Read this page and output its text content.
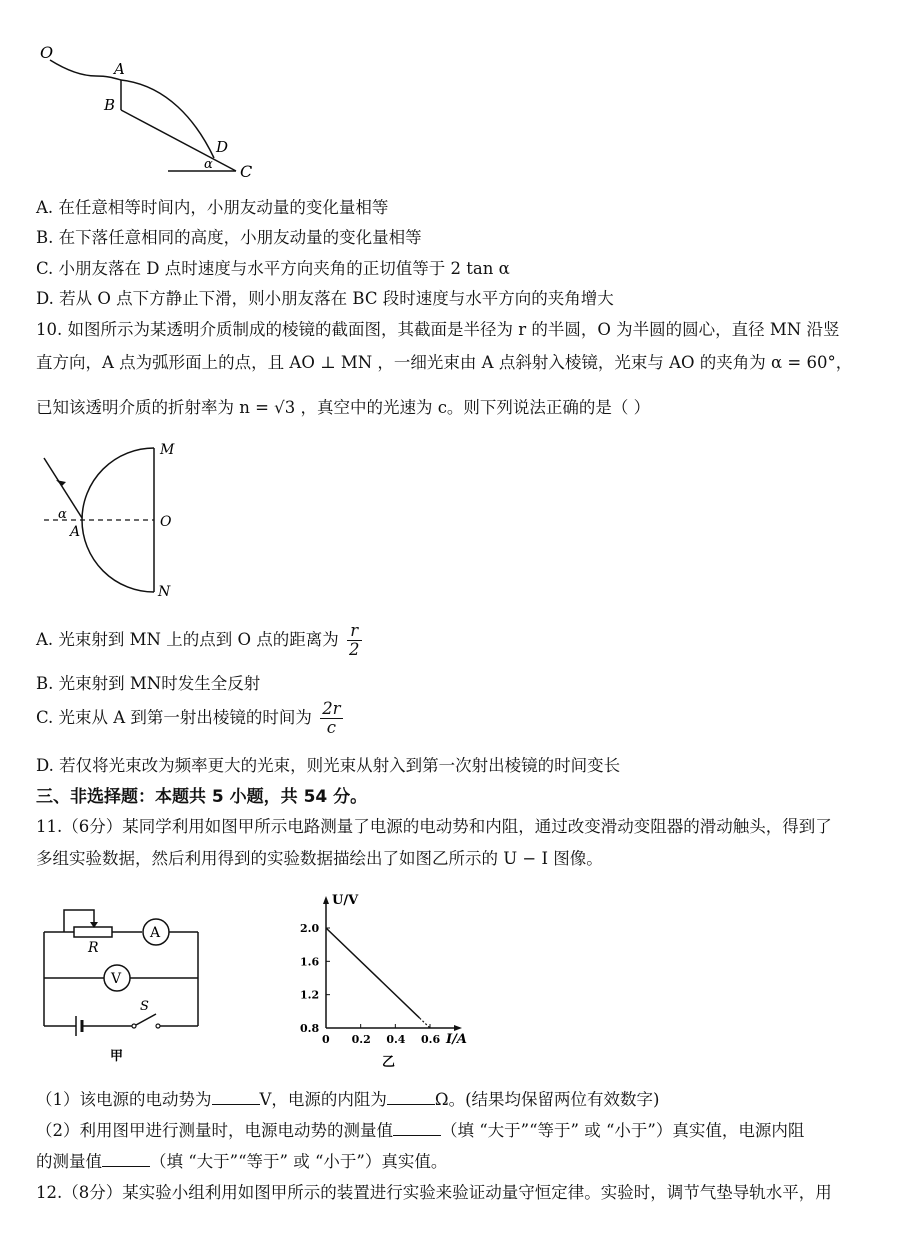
O
A
B
D
α C
A. 在任意相等时间内，小朋友动量的变化量相等
B. 在下落任意相同的高度，小朋友动量的变化量相等
C. 小朋友落在 D 点时速度与水平方向夹角的正切值等于 2 tan α
D. 若从 O 点下方静止下滑，则小朋友落在 BC 段时速度与水平方向的夹角增大
10. 如图所示为某透明介质制成的棱镜的截面图，其截面是半径为 r 的半圆，O 为半圆的圆心，直径 MN 沿竖
直方向，A 点为弧形面上的点，且 AO ⊥ MN ，一细光束由 A 点斜射入棱镜，光束与 AO 的夹角为 α = 60°，
已知该透明介质的折射率为 n = √3 ，真空中的光速为 c。则下列说法正确的是（ ）
M
O
N
A
α
A. 光束射到 MN 上的点到 O 点的距离为 $\frac{r}{2}$
B. 光束射到 MN时发生全反射
C. 光束从 A 到第一射出棱镜的时间为 $\frac{2r}{c}$
D. 若仅将光束改为频率更大的光束，则光束从射入到第一次射出棱镜的时间变长
三、非选择题：本题共 5 小题，共 54 分。
11.（6分）某同学利用如图甲所示电路测量了电源的电动势和内阻，通过改变滑动变阻器的滑动触头，得到了
多组实验数据，然后利用得到的实验数据描绘出了如图乙所示的 U − I 图像。
R
A
V
S
甲
U/V
I/A
2.0
1.6
1.2
0.8
0 0.2 0.4 0.6
乙
（1）该电源的电动势为	V，电源的内阻为	Ω。(结果均保留两位有效数字)
（2）利用图甲进行测量时，电源电动势的测量值	（填 “大于”“等于” 或 “小于”）真实值，电源内阻
的测量值	（填 “大于”“等于” 或 “小于”）真实值。
12.（8分）某实验小组利用如图甲所示的装置进行实验来验证动量守恒定律。实验时，调节气垫导轨水平，用
